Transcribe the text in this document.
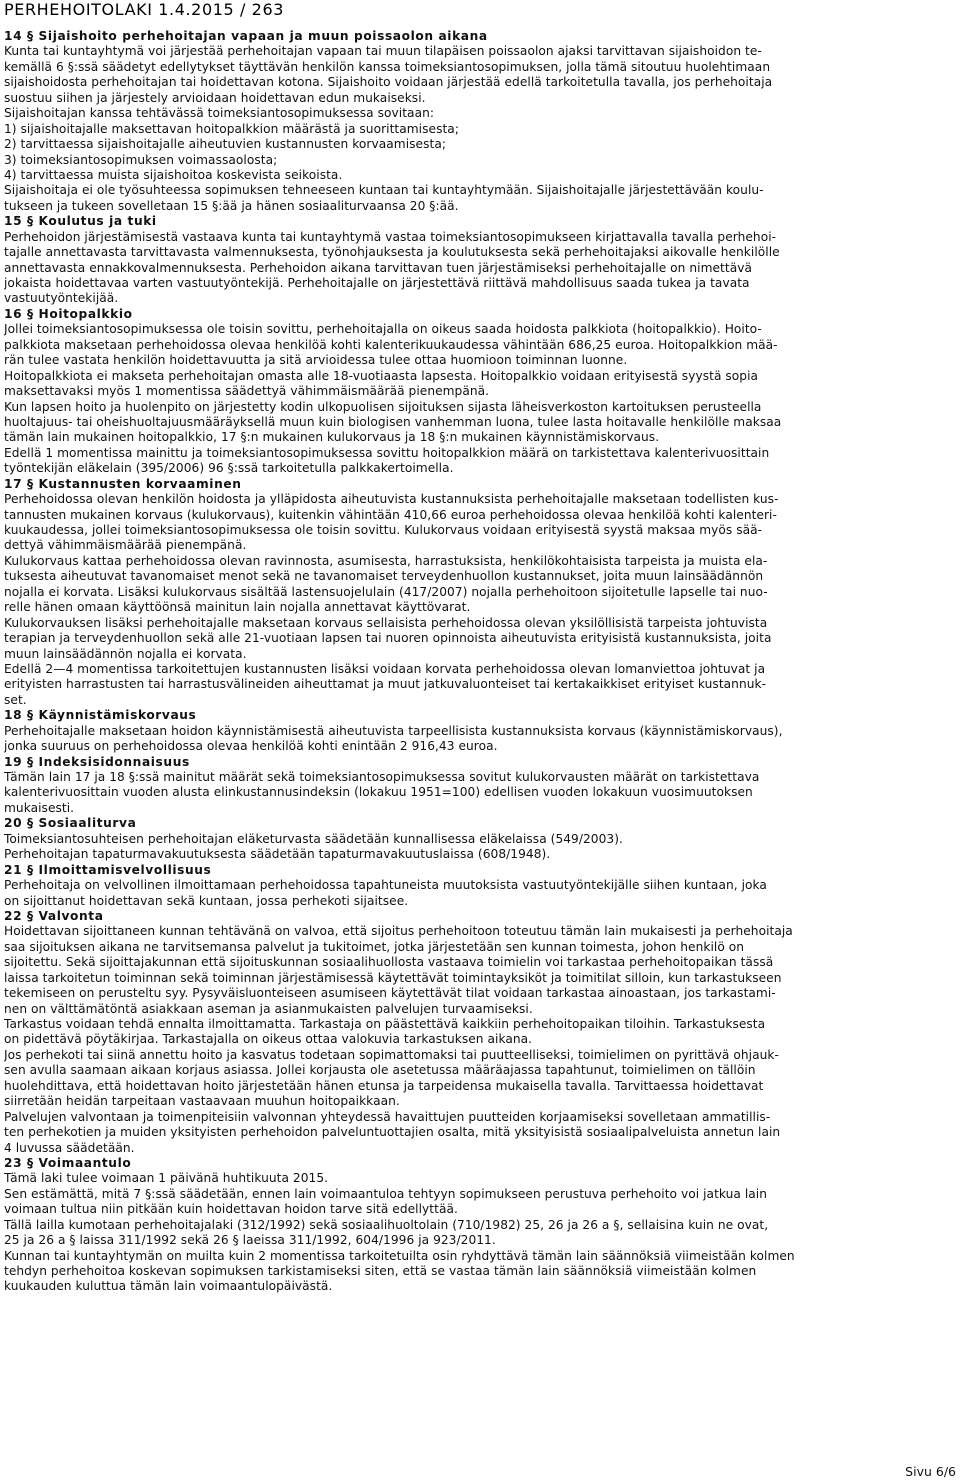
PERHEHOITOLAKI 1.4.2015 / 263
14 § Sijaishoito perhehoitajan vapaan ja muun poissaolon aikana
Kunta tai kuntayhtymä voi järjestää perhehoitajan vapaan tai muun tilapäisen poissaolon ajaksi tarvittavan sijaishoidon te-
kemällä 6 §:ssä säädetyt edellytykset täyttävän henkilön kanssa toimeksiantosopimuksen, jolla tämä sitoutuu huolehtimaan
sijaishoidosta perhehoitajan tai hoidettavan kotona. Sijaishoito voidaan järjestää edellä tarkoitetulla tavalla, jos perhehoitaja
suostuu siihen ja järjestely arvioidaan hoidettavan edun mukaiseksi.
Sijaishoitajan kanssa tehtävässä toimeksiantosopimuksessa sovitaan:
1) sijaishoitajalle maksettavan hoitopalkkion määrästä ja suorittamisesta;
2) tarvittaessa sijaishoitajalle aiheutuvien kustannusten korvaamisesta;
3) toimeksiantosopimuksen voimassaolosta;
4) tarvittaessa muista sijaishoitoa koskevista seikoista.
Sijaishoitaja ei ole työsuhteessa sopimuksen tehneeseen kuntaan tai kuntayhtymään. Sijaishoitajalle järjestettävään koulu-
tukseen ja tukeen sovelletaan 15 §:ää ja hänen sosiaaliturvaansa 20 §:ää.
15 § Koulutus ja tuki
Perhehoidon järjestämisestä vastaava kunta tai kuntayhtymä vastaa toimeksiantosopimukseen kirjattavalla tavalla perhehoi-
tajalle annettavasta tarvittavasta valmennuksesta, työnohjauksesta ja koulutuksesta sekä perhehoitajaksi aikovalle henkilölle
annettavasta ennakkovalmennuksesta. Perhehoidon aikana tarvittavan tuen järjestämiseksi perhehoitajalle on nimettävä
jokaista hoidettavaa varten vastuutyöntekijä. Perhehoitajalle on järjestettävä riittävä mahdollisuus saada tukea ja tavata
vastuutyöntekijää.
16 § Hoitopalkkio
Jollei toimeksiantosopimuksessa ole toisin sovittu, perhehoitajalla on oikeus saada hoidosta palkkiota (hoitopalkkio). Hoito-
palkkiota maksetaan perhehoidossa olevaa henkilöä kohti kalenterikuukaudessa vähintään 686,25 euroa. Hoitopalkkion mää-
rän tulee vastata henkilön hoidettavuutta ja sitä arvioidessa tulee ottaa huomioon toiminnan luonne.
Hoitopalkkiota ei makseta perhehoitajan omasta alle 18-vuotiaasta lapsesta. Hoitopalkkio voidaan erityisestä syystä sopia
maksettavaksi myös 1 momentissa säädettyä vähimmäismäärää pienempänä.
Kun lapsen hoito ja huolenpito on järjestetty kodin ulkopuolisen sijoituksen sijasta läheisverkoston kartoituksen perusteella
huoltajuus- tai oheishuoltajuusmääräyksellä muun kuin biologisen vanhemman luona, tulee lasta hoitavalle henkilölle maksaa
tämän lain mukainen hoitopalkkio, 17 §:n mukainen kulukorvaus ja 18 §:n mukainen käynnistämiskorvaus.
Edellä 1 momentissa mainittu ja toimeksiantosopimuksessa sovittu hoitopalkkion määrä on tarkistettava kalenterivuosittain
työntekijän eläkelain (395/2006) 96 §:ssä tarkoitetulla palkkakertoimella.
17 § Kustannusten korvaaminen
Perhehoidossa olevan henkilön hoidosta ja ylläpidosta aiheutuvista kustannuksista perhehoitajalle maksetaan todellisten kus-
tannusten mukainen korvaus (kulukorvaus), kuitenkin vähintään 410,66 euroa perhehoidossa olevaa henkilöä kohti kalenteri-
kuukaudessa, jollei toimeksiantosopimuksessa ole toisin sovittu. Kulukorvaus voidaan erityisestä syystä maksaa myös sää-
dettyä vähimmäismäärää pienempänä.
Kulukorvaus kattaa perhehoidossa olevan ravinnosta, asumisesta, harrastuksista, henkilökohtaisista tarpeista ja muista ela-
tuksesta aiheutuvat tavanomaiset menot sekä ne tavanomaiset terveydenhuollon kustannukset, joita muun lainsäädännön
nojalla ei korvata. Lisäksi kulukorvaus sisältää lastensuojelulain (417/2007) nojalla perhehoitoon sijoitetulle lapselle tai nuo-
relle hänen omaan käyttöönsä mainitun lain nojalla annettavat käyttövarat.
Kulukorvauksen lisäksi perhehoitajalle maksetaan korvaus sellaisista perhehoidossa olevan yksilöllisistä tarpeista johtuvista
terapian ja terveydenhuollon sekä alle 21-vuotiaan lapsen tai nuoren opinnoista aiheutuvista erityisistä kustannuksista, joita
muun lainsäädännön nojalla ei korvata.
Edellä 2—4 momentissa tarkoitettujen kustannusten lisäksi voidaan korvata perhehoidossa olevan lomanviettoa johtuvat ja
erityisten harrastusten tai harrastusvälineiden aiheuttamat ja muut jatkuvaluonteiset tai kertakaikkiset erityiset kustannuk-
set.
18 § Käynnistämiskorvaus
Perhehoitajalle maksetaan hoidon käynnistämisestä aiheutuvista tarpeellisista kustannuksista korvaus (käynnistämiskorvaus),
jonka suuruus on perhehoidossa olevaa henkilöä kohti enintään 2 916,43 euroa.
19 § Indeksisidonnaisuus
Tämän lain 17 ja 18 §:ssä mainitut määrät sekä toimeksiantosopimuksessa sovitut kulukorvausten määrät on tarkistettava
kalenterivuosittain vuoden alusta elinkustannusindeksin (lokakuu 1951=100) edellisen vuoden lokakuun vuosimuutoksen
mukaisesti.
20 § Sosiaaliturva
Toimeksiantosuhteisen perhehoitajan eläketurvasta säädetään kunnallisessa eläkelaissa (549/2003).
Perhehoitajan tapaturmavakuutuksesta säädetään tapaturmavakuutuslaissa (608/1948).
21 § Ilmoittamisvelvollisuus
Perhehoitaja on velvollinen ilmoittamaan perhehoidossa tapahtuneista muutoksista vastuutyöntekijälle siihen kuntaan, joka
on sijoittanut hoidettavan sekä kuntaan, jossa perhekoti sijaitsee.
22 § Valvonta
Hoidettavan sijoittaneen kunnan tehtävänä on valvoa, että sijoitus perhehoitoon toteutuu tämän lain mukaisesti ja perhehoitaja
saa sijoituksen aikana ne tarvitsemansa palvelut ja tukitoimet, jotka järjestetään sen kunnan toimesta, johon henkilö on
sijoitettu. Sekä sijoittajakunnan että sijoituskunnan sosiaalihuollosta vastaava toimielin voi tarkastaa perhehoitopaikan tässä
laissa tarkoitetun toiminnan sekä toiminnan järjestämisessä käytettävät toimintayksiköt ja toimitilat silloin, kun tarkastukseen
tekemiseen on perusteltu syy. Pysyväisluonteiseen asumiseen käytettävät tilat voidaan tarkastaa ainoastaan, jos tarkastami-
nen on välttämätöntä asiakkaan aseman ja asianmukaisten palvelujen turvaamiseksi.
Tarkastus voidaan tehdä ennalta ilmoittamatta. Tarkastaja on päästettävä kaikkiin perhehoitopaikan tiloihin. Tarkastuksesta
on pidettävä pöytäkirjaa. Tarkastajalla on oikeus ottaa valokuvia tarkastuksen aikana.
Jos perhekoti tai siinä annettu hoito ja kasvatus todetaan sopimattomaksi tai puutteelliseksi, toimielimen on pyrittävä ohjauk-
sen avulla saamaan aikaan korjaus asiassa. Jollei korjausta ole asetetussa määräajassa tapahtunut, toimielimen on tällöin
huolehdittava, että hoidettavan hoito järjestetään hänen etunsa ja tarpeidensa mukaisella tavalla. Tarvittaessa hoidettavat
siirretään heidän tarpeitaan vastaavaan muuhun hoitopaikkaan.
Palvelujen valvontaan ja toimenpiteisiin valvonnan yhteydessä havaittujen puutteiden korjaamiseksi sovelletaan ammatillis-
ten perhekotien ja muiden yksityisten perhehoidon palveluntuottajien osalta, mitä yksityisistä sosiaalipalveluista annetun lain
4 luvussa säädetään.
23 § Voimaantulo
Tämä laki tulee voimaan 1 päivänä huhtikuuta 2015.
Sen estämättä, mitä 7 §:ssä säädetään, ennen lain voimaantuloa tehtyyn sopimukseen perustuva perhehoito voi jatkua lain
voimaan tultua niin pitkään kuin hoidettavan hoidon tarve sitä edellyttää.
Tällä lailla kumotaan perhehoitajalaki (312/1992) sekä sosiaalihuoltolain (710/1982) 25, 26 ja 26 a §, sellaisina kuin ne ovat,
25 ja 26 a § laissa 311/1992 sekä 26 § laeissa 311/1992, 604/1996 ja 923/2011.
Kunnan tai kuntayhtymän on muilta kuin 2 momentissa tarkoitetuilta osin ryhdyttävä tämän lain säännöksiä viimeistään kolmen
tehdyn perhehoitoa koskevan sopimuksen tarkistamiseksi siten, että se vastaa tämän lain säännöksiä viimeistään kolmen
kuukauden kuluttua tämän lain voimaantulopäivästä.
Sivu 6/6
